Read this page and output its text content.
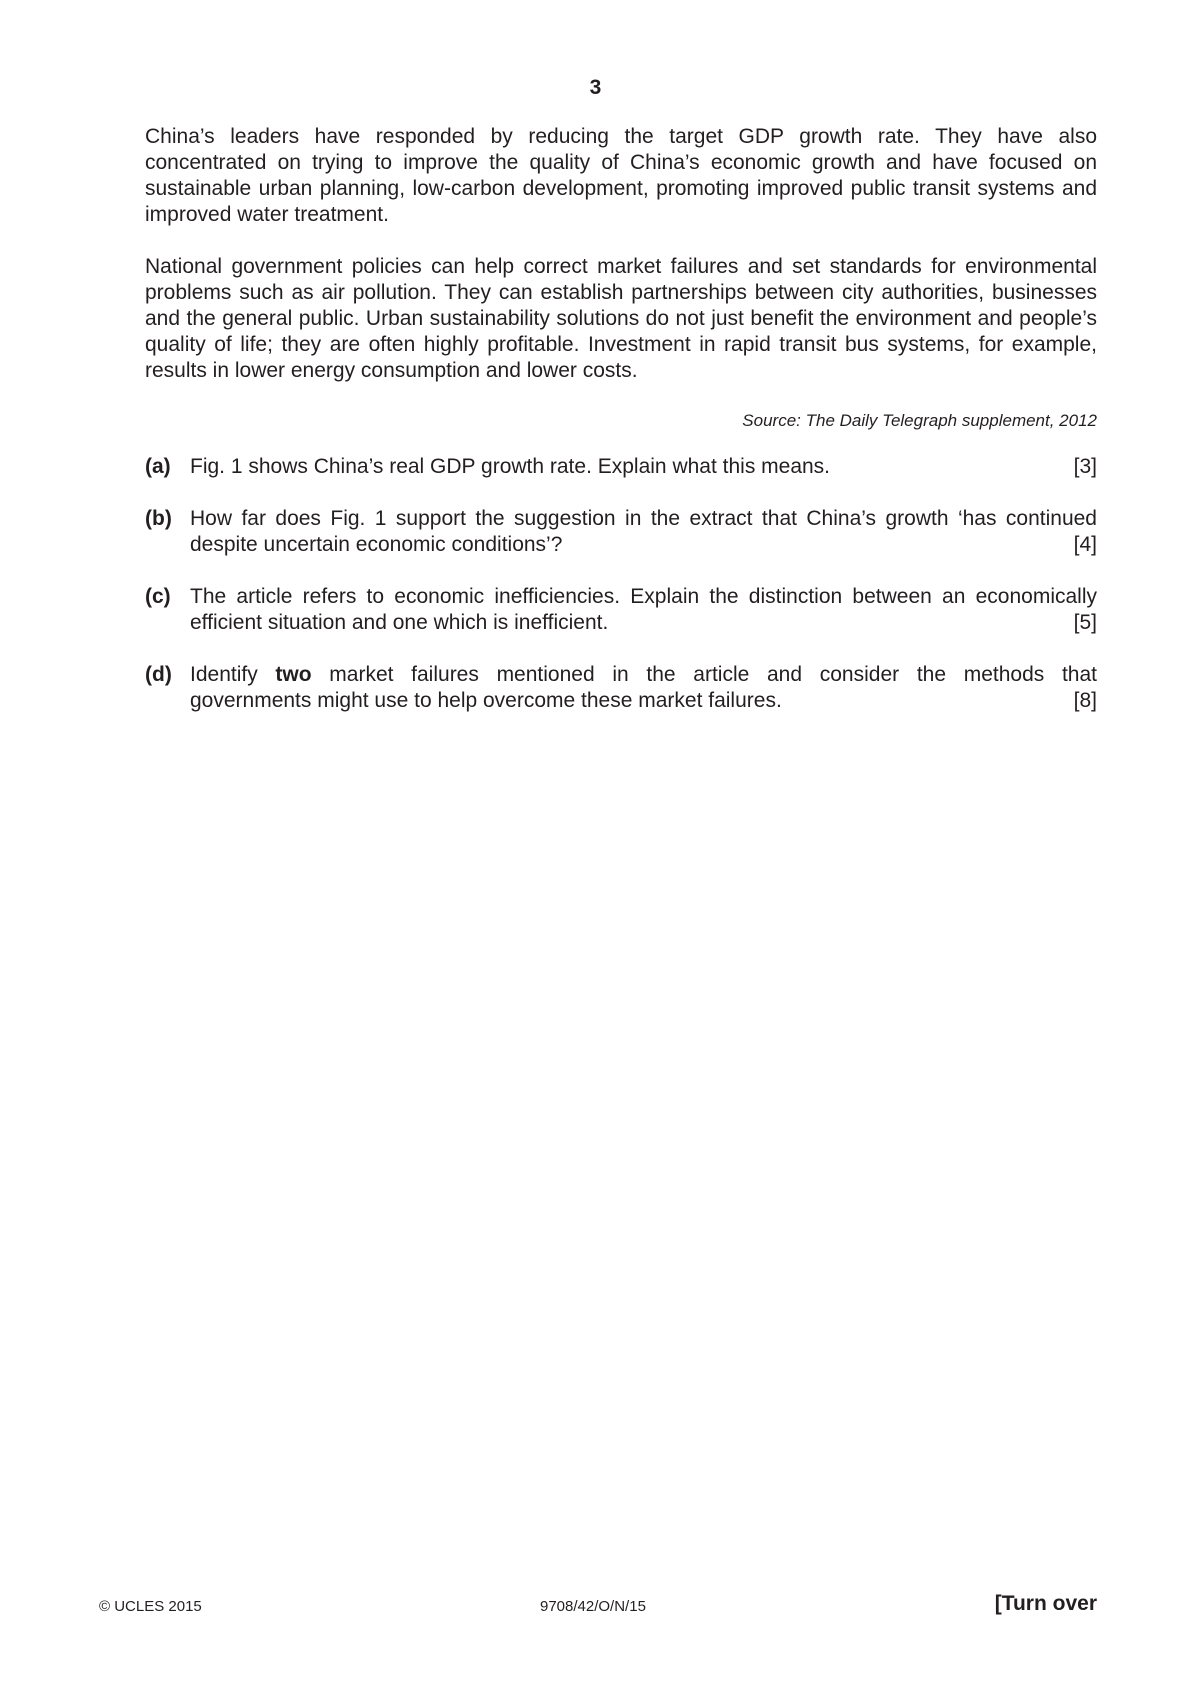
3

China’s leaders have responded by reducing the target GDP growth rate. They have also concentrated on trying to improve the quality of China’s economic growth and have focused on sustainable urban planning, low-carbon development, promoting improved public transit systems and improved water treatment.

National government policies can help correct market failures and set standards for environmental problems such as air pollution. They can establish partnerships between city authorities, businesses and the general public. Urban sustainability solutions do not just benefit the environment and people’s quality of life; they are often highly profitable. Investment in rapid transit bus systems, for example, results in lower energy consumption and lower costs.

Source: The Daily Telegraph supplement, 2012

(a) Fig. 1 shows China’s real GDP growth rate. Explain what this means.	[3]
(b) How far does Fig. 1 support the suggestion in the extract that China’s growth ‘has continued
despite uncertain economic conditions’?	[4]
(c) The article refers to economic inefficiencies. Explain the distinction between an economically
efficient situation and one which is inefficient.	[5]
(d) Identify two market failures mentioned in the article and consider the methods that
governments might use to help overcome these market failures.	[8]
© UCLES 2015	9708/42/O/N/15	[Turn over
